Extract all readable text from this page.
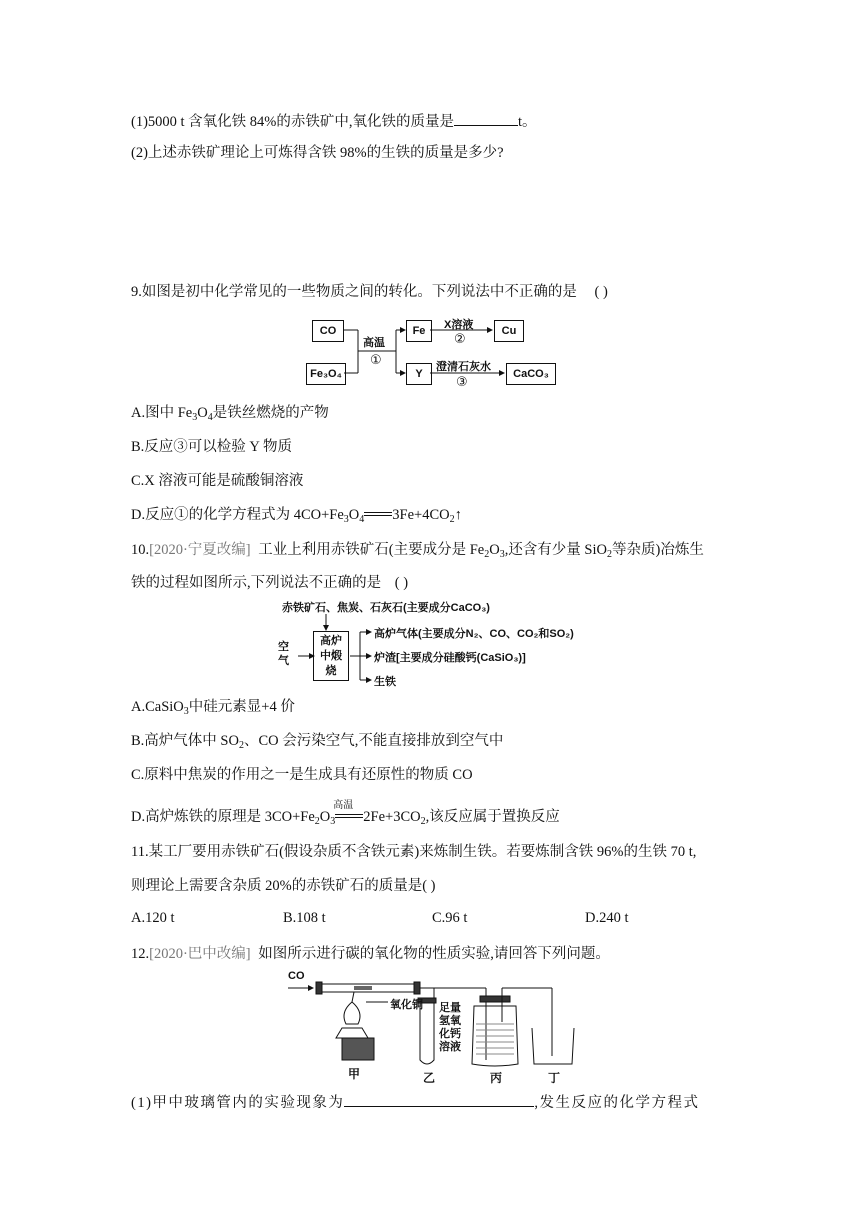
(1)5000 t 含氧化铁 84%的赤铁矿中,氧化铁的质量是	t。
(2)上述赤铁矿理论上可炼得含铁 98%的生铁的质量是多少?
9.如图是初中化学常见的一些物质之间的转化。下列说法中不正确的是 ( )
CO
Fe₃O₄
高温
①
Fe	X溶液
②	Cu
Y
澄清石灰水
③	CaCO₃
A.图中 $Fe_3O_4$是铁丝燃烧的产物
B.反应③可以检验 Y 物质
C.X 溶液可能是硫酸铜溶液
D.反应①的化学方程式为 $4CO+Fe_3O_4$ $3Fe+4CO_2↑$
10.[2020·宁夏改编] 工业上利用赤铁矿石(主要成分是 $Fe_2O_3$,还含有少量 SiO$_2$等杂质)冶炼生
铁的过程如图所示,下列说法不正确的是 ( )
赤铁矿石、焦炭、石灰石(主要成分CaCO₃)
空气
高炉中煅烧
高炉气体(主要成分N₂、CO、CO₂和SO₂)
炉渣[主要成分硅酸钙(CaSiO₃)]
生铁
A.CaSiO$_3$中硅元素显+4 价
B.高炉气体中 $SO_2$、CO 会污染空气,不能直接排放到空气中
C.原料中焦炭的作用之一是生成具有还原性的物质 CO
D.高炉炼铁的原理是 $3CO+Fe_2O_3$
高温
$2Fe+3CO_2$,该反应属于置换反应
11.某工厂要用赤铁矿石(假设杂质不含铁元素)来炼制生铁。若要炼制含铁 96%的生铁 70 t,
则理论上需要含杂质 20%的赤铁矿石的质量是( )
A.120 t	B.108 t	C.96 t	D.240 t
12.[2020·巴中改编] 如图所示进行碳的氧化物的性质实验,请回答下列问题。
CO
氧化铜 足量氢氧化钙溶液
甲	乙	丙	丁
(1)甲中玻璃管内的实验现象为	,发生反应的化学方程式
